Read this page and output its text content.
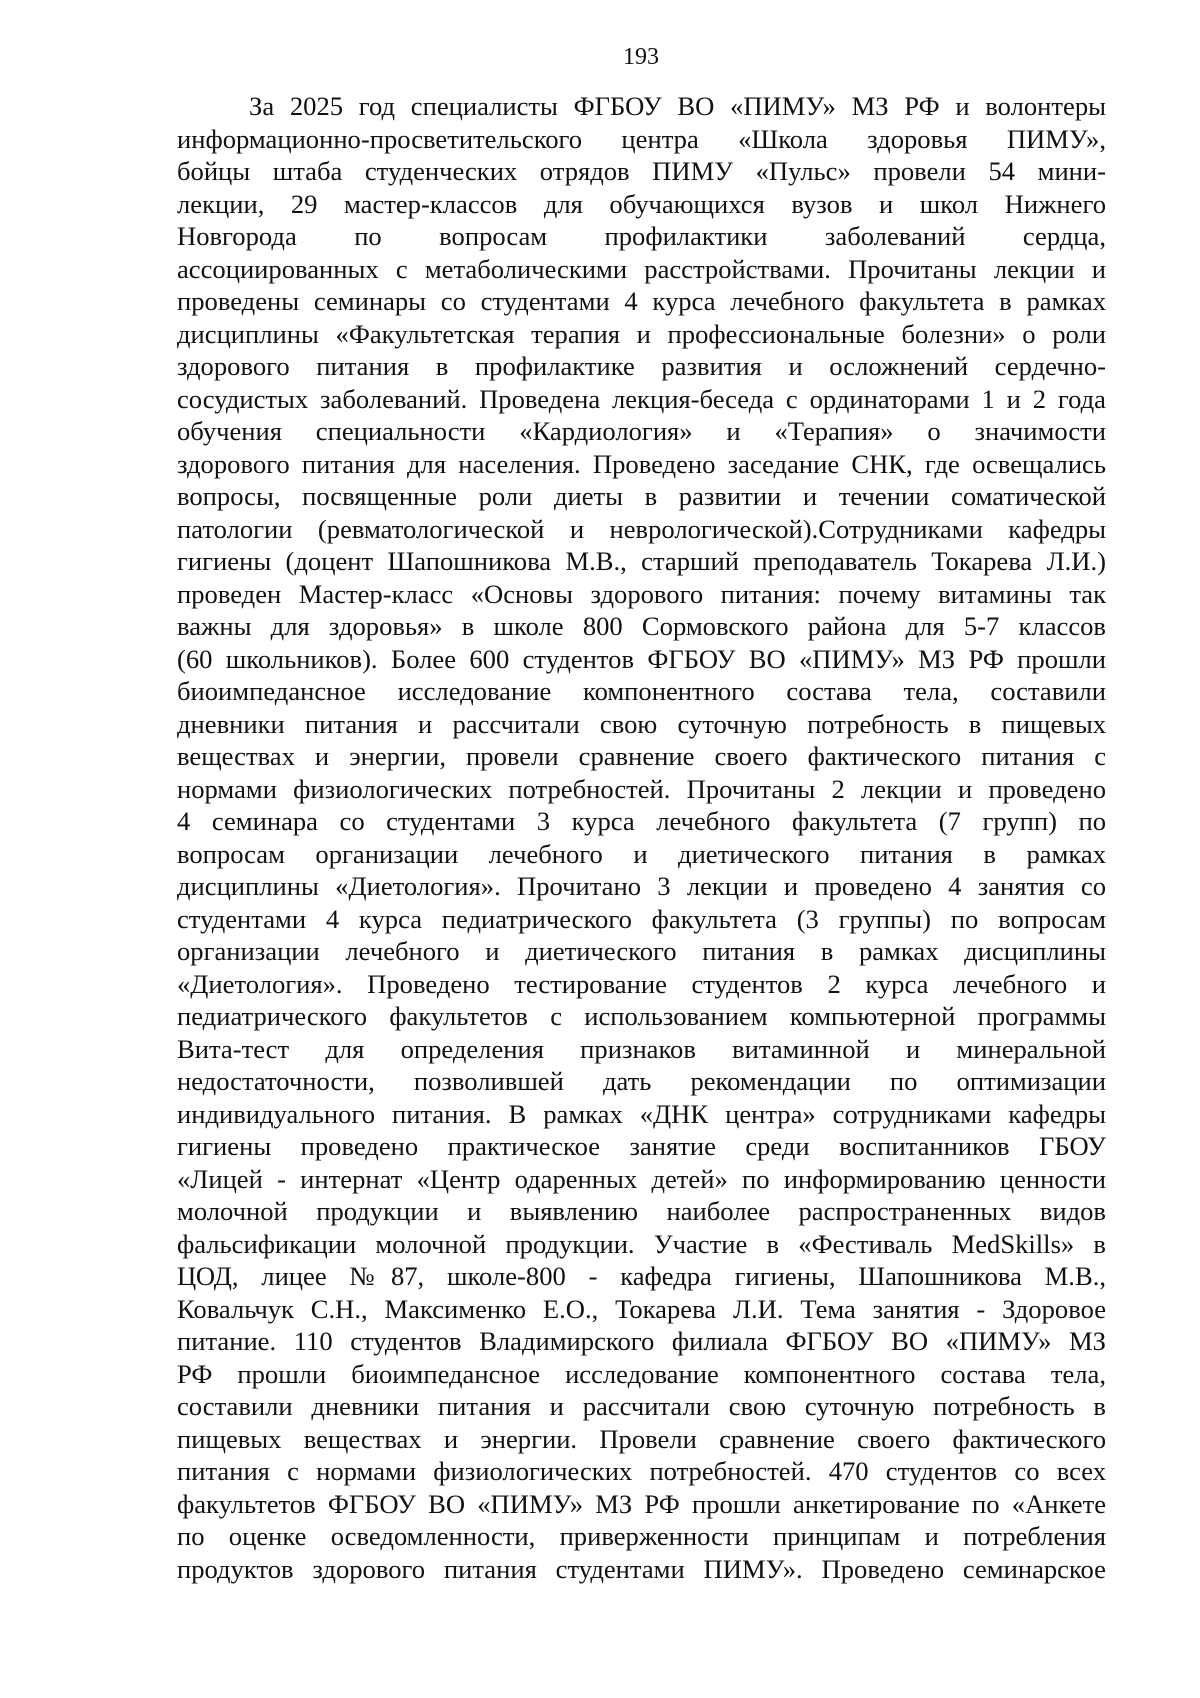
193
За 2025 год специалисты ФГБОУ ВО «ПИМУ» МЗ РФ и волонтеры
информационно-просветительского центра «Школа здоровья ПИМУ»,
бойцы штаба студенческих отрядов ПИМУ «Пульс» провели 54 мини-
лекции, 29 мастер-классов для обучающихся вузов и школ Нижнего
Новгорода по вопросам профилактики заболеваний сердца,
ассоциированных с метаболическими расстройствами. Прочитаны лекции и
проведены семинары со студентами 4 курса лечебного факультета в рамках
дисциплины «Факультетская терапия и профессиональные болезни» о роли
здорового питания в профилактике развития и осложнений сердечно-
сосудистых заболеваний. Проведена лекция-беседа с ординаторами 1 и 2 года
обучения специальности «Кардиология» и «Терапия» о значимости
здорового питания для населения. Проведено заседание СНК, где освещались
вопросы, посвященные роли диеты в развитии и течении соматической
патологии (ревматологической и неврологической).Сотрудниками кафедры
гигиены (доцент Шапошникова М.В., старший преподаватель Токарева Л.И.)
проведен Мастер-класс «Основы здорового питания: почему витамины так
важны для здоровья» в школе 800 Сормовского района для 5-7 классов
(60 школьников). Более 600 студентов ФГБОУ ВО «ПИМУ» МЗ РФ прошли
биоимпедансное исследование компонентного состава тела, составили
дневники питания и рассчитали свою суточную потребность в пищевых
веществах и энергии, провели сравнение своего фактического питания с
нормами физиологических потребностей. Прочитаны 2 лекции и проведено
4 семинара со студентами 3 курса лечебного факультета (7 групп) по
вопросам организации лечебного и диетического питания в рамках
дисциплины «Диетология». Прочитано 3 лекции и проведено 4 занятия со
студентами 4 курса педиатрического факультета (3 группы) по вопросам
организации лечебного и диетического питания в рамках дисциплины
«Диетология». Проведено тестирование студентов 2 курса лечебного и
педиатрического факультетов с использованием компьютерной программы
Вита-тест для определения признаков витаминной и минеральной
недостаточности, позволившей дать рекомендации по оптимизации
индивидуального питания. В рамках «ДНК центра» сотрудниками кафедры
гигиены проведено практическое занятие среди воспитанников ГБОУ
«Лицей - интернат «Центр одаренных детей» по информированию ценности
молочной продукции и выявлению наиболее распространенных видов
фальсификации молочной продукции. Участие в «Фестиваль MedSkills» в
ЦОД, лицее №87, школе-800 - кафедра гигиены, Шапошникова М.В.,
Ковальчук С.Н., Максименко Е.О., Токарева Л.И. Тема занятия - Здоровое
питание. 110 студентов Владимирского филиала ФГБОУ ВО «ПИМУ» МЗ
РФ прошли биоимпедансное исследование компонентного состава тела,
составили дневники питания и рассчитали свою суточную потребность в
пищевых веществах и энергии. Провели сравнение своего фактического
питания с нормами физиологических потребностей. 470 студентов со всех
факультетов ФГБОУ ВО «ПИМУ» МЗ РФ прошли анкетирование по «Анкете
по оценке осведомленности, приверженности принципам и потребления
продуктов здорового питания студентами ПИМУ». Проведено семинарское
